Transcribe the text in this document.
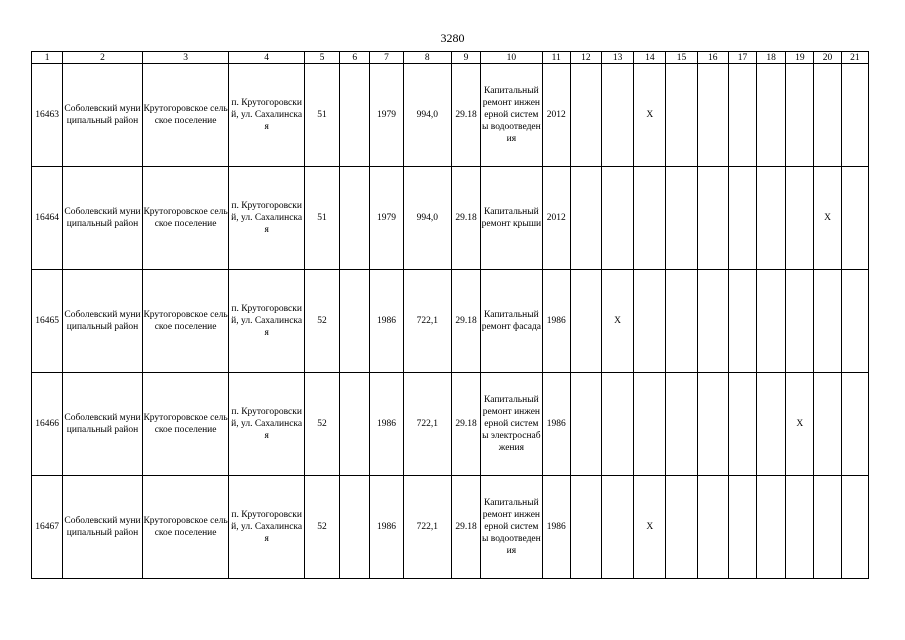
3280
1	2	3	4	5	6	7	8	9	10	11	12	13	14	15	16	17	18	19	20	21
16463	Соболевский муниципальный район	Крутогоровское сельское поселение	п. Крутогоровский, ул. Сахалинская	51		1979	994,0	29.18	Капитальный ремонт инженерной системы водоотведения	2012			X							
16464	Соболевский муниципальный район	Крутогоровское сельское поселение	п. Крутогоровский, ул. Сахалинская	51		1979	994,0	29.18	Капитальный ремонт крыши	2012									X	
16465	Соболевский муниципальный район	Крутогоровское сельское поселение	п. Крутогоровский, ул. Сахалинская	52		1986	722,1	29.18	Капитальный ремонт фасада	1986		X								
16466	Соболевский муниципальный район	Крутогоровское сельское поселение	п. Крутогоровский, ул. Сахалинская	52		1986	722,1	29.18	Капитальный ремонт инженерной системы электроснабжения	1986								X		
16467	Соболевский муниципальный район	Крутогоровское сельское поселение	п. Крутогоровский, ул. Сахалинская	52		1986	722,1	29.18	Капитальный ремонт инженерной системы водоотведения	1986			X							
